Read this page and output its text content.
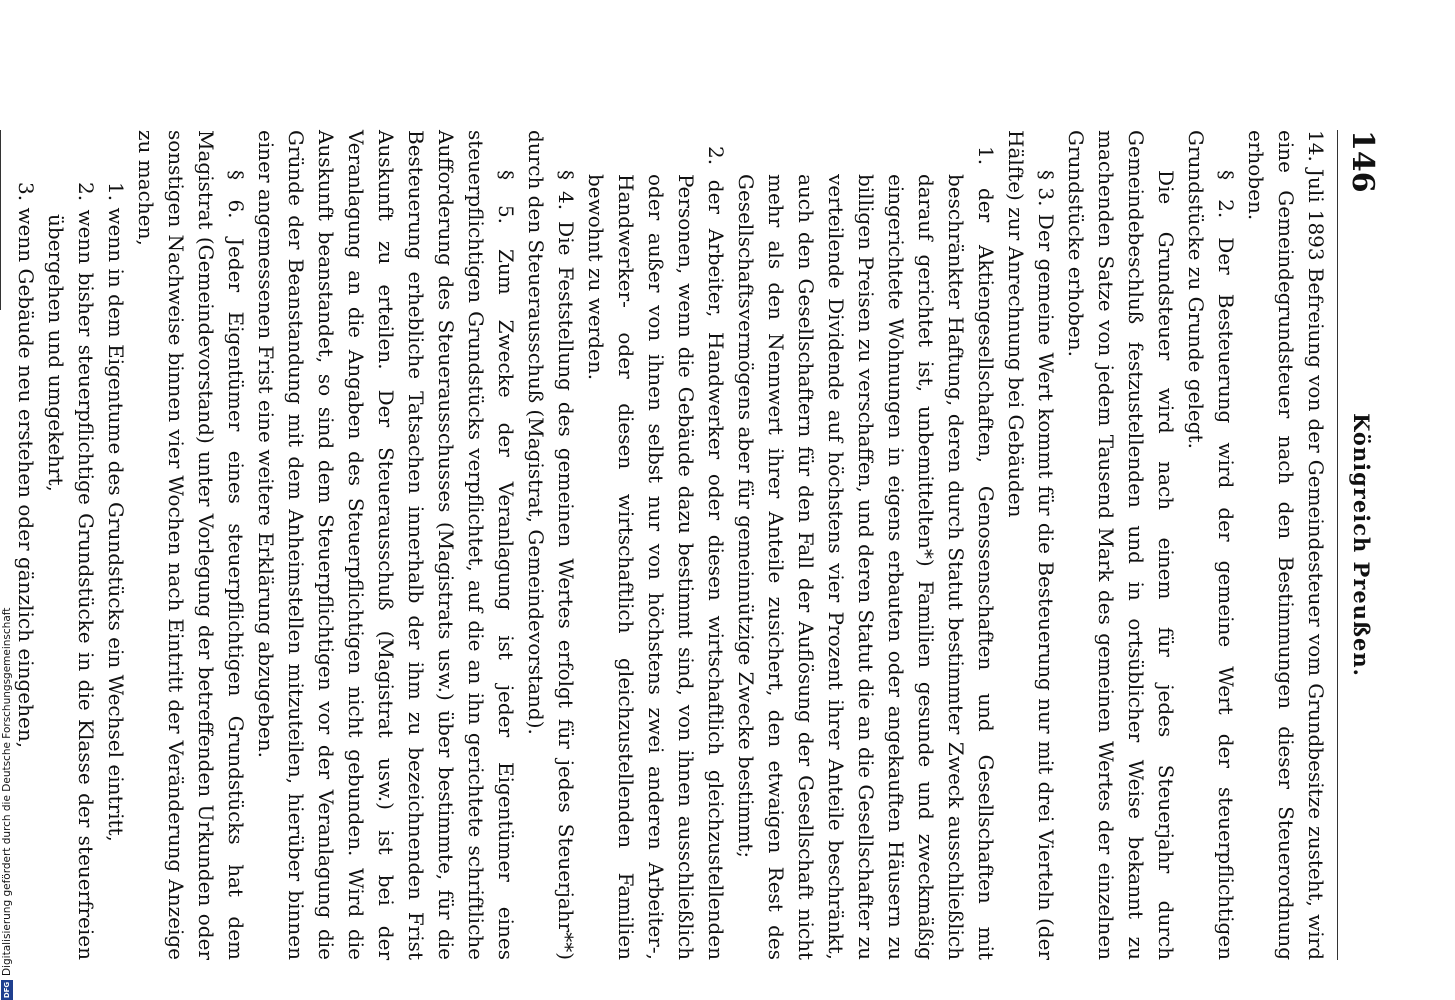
146
Königreich Preußen.

14. Juli 1893 Befreiung von der Gemeindesteuer vom Grundbesitze zusteht, wird eine Gemeindegrundsteuer nach den Bestimmungen dieser Steuerordnung erhoben.

§ 2. Der Besteuerung wird der gemeine Wert der steuerpflichtigen Grundstücke zu Grunde gelegt.

Die Grundsteuer wird nach einem für jedes Steuerjahr durch Gemeindebeschluß festzustellenden und in ortsüblicher Weise bekannt zu machenden Satze von jedem Tausend Mark des gemeinen Wertes der einzelnen Grundstücke erhoben.

§ 3. Der gemeine Wert kommt für die Besteuerung nur mit drei Vierteln (der Hälfte) zur Anrechnung bei Gebäuden

1. der Aktiengesellschaften, Genossenschaften und Gesellschaften mit beschränkter Haftung, deren durch Statut bestimmter Zweck ausschließlich darauf gerichtet ist, unbemittelten*) Familien gesunde und zweckmäßig eingerichtete Wohnungen in eigens erbauten oder angekauften Häusern zu billigen Preisen zu verschaffen, und deren Statut die an die Gesellschafter zu verteilende Dividende auf höchstens vier Prozent ihrer Anteile beschränkt, auch den Gesellschaftern für den Fall der Auflösung der Gesellschaft nicht mehr als den Nennwert ihrer Anteile zusichert, den etwaigen Rest des Gesellschaftsvermögens aber für gemeinnützige Zwecke bestimmt;

2. der Arbeiter, Handwerker oder diesen wirtschaftlich gleichzustellenden Personen, wenn die Gebäude dazu bestimmt sind, von ihnen ausschließlich oder außer von ihnen selbst nur von höchstens zwei anderen Arbeiter-, Handwerker- oder diesen wirtschaftlich gleichzustellenden Familien bewohnt zu werden.

§ 4. Die Feststellung des gemeinen Wertes erfolgt für jedes Steuerjahr**) durch den Steuerausschuß (Magistrat, Gemeindevorstand).

§ 5. Zum Zwecke der Veranlagung ist jeder Eigentümer eines steuerpflichtigen Grundstücks verpflichtet, auf die an ihn gerichtete schriftliche Aufforderung des Steuerausschusses (Magistrats usw.) über bestimmte, für die Besteuerung erhebliche Tatsachen innerhalb der ihm zu bezeichnenden Frist Auskunft zu erteilen. Der Steuerausschuß (Magistrat usw.) ist bei der Veranlagung an die Angaben des Steuerpflichtigen nicht gebunden. Wird die Auskunft beanstandet, so sind dem Steuerpflichtigen vor der Veranlagung die Gründe der Beanstandung mit dem Anheimstellen mitzuteilen, hierüber binnen einer angemessenen Frist eine weitere Erklärung abzugeben.

§ 6. Jeder Eigentümer eines steuerpflichtigen Grundstücks hat dem Magistrat (Gemeindevorstand) unter Vorlegung der betreffenden Urkunden oder sonstigen Nachweise binnen vier Wochen nach Eintritt der Veränderung Anzeige zu machen,

1. wenn in dem Eigentume des Grundstücks ein Wechsel eintritt,

2. wenn bisher steuerpflichtige Grundstücke in die Klasse der steuerfreien übergehen und umgekehrt,

3. wenn Gebäude neu erstehen oder gänzlich eingehen,

DFG
Digitalisierung gefördert durch die Deutsche Forschungsgemeinschaft
